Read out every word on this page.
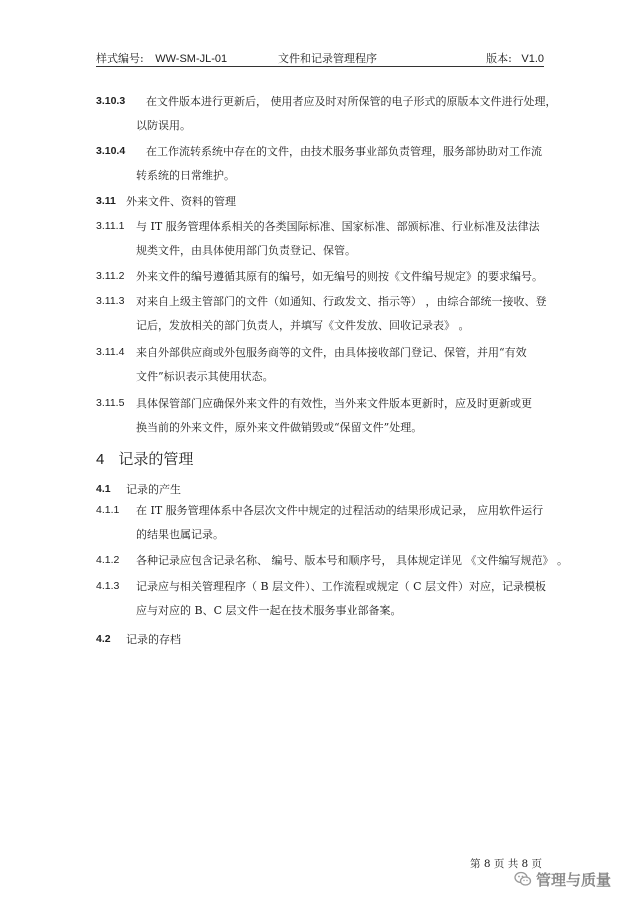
样式编号: WW-SM-JL-01	文件和记录管理程序	版本: V1.0
3.10.3 在文件版本进行更新后， 使用者应及时对所保管的电子形式的原版本文件进行处理，
以防误用。
3.10.4 在工作流转系统中存在的文件，由技术服务事业部负责管理，服务部协助对工作流
转系统的日常维护。
3.11 外来文件、资料的管理
3.11.1 与 IT 服务管理体系相关的各类国际标准、国家标准、部颁标准、行业标准及法律法
规类文件，由具体使用部门负责登记、保管。
3.11.2 外来文件的编号遵循其原有的编号，如无编号的则按《文件编号规定》的要求编号。
3.11.3 对来自上级主管部门的文件（如通知、行政发文、指示等） ，由综合部统一接收、登
记后，发放相关的部门负责人，并填写《文件发放、回收记录表》 。
3.11.4 来自外部供应商或外包服务商等的文件，由具体接收部门登记、保管，并用“有效
文件”标识表示其使用状态。
3.11.5 具体保管部门应确保外来文件的有效性，当外来文件版本更新时，应及时更新或更
换当前的外来文件，原外来文件做销毁或“保留文件”处理。
4 记录的管理
4.1 记录的产生
4.1.1 在 IT 服务管理体系中各层次文件中规定的过程活动的结果形成记录， 应用软件运行
的结果也属记录。
4.1.2 各种记录应包含记录名称、 编号、版本号和顺序号， 具体规定详见 《文件编写规范》 。
4.1.3 记录应与相关管理程序（ B 层文件）、工作流程或规定（ C 层文件）对应，记录模板
应与对应的 B、C 层文件一起在技术服务事业部备案。
4.2 记录的存档
第 8 页 共 8 页
管理与质量
